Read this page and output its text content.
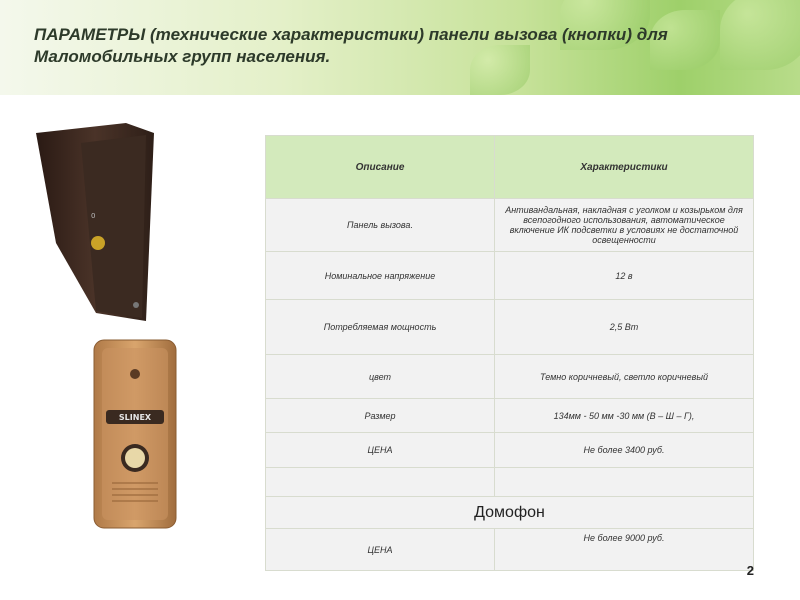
ПАРАМЕТРЫ (технические характеристики) панели вызова (кнопки) для Маломобильных групп населения.

0
SLINEX
Описание	Характеристики
Панель вызова.	Антивандальная, накладная с уголком и козырьком для всепогодного использования, автоматическое включение ИК подсветки в условиях не достаточной освещенности
Номинальное напряжение	12 в
Потребляемая мощность	2,5 Вт
цвет	Темно коричневый, светло коричневый
Размер	134мм - 50 мм -30 мм (В – Ш – Г),
ЦЕНА	Не более 3400 руб.

Домофон	
ЦЕНА	Не более 9000 руб.
2
